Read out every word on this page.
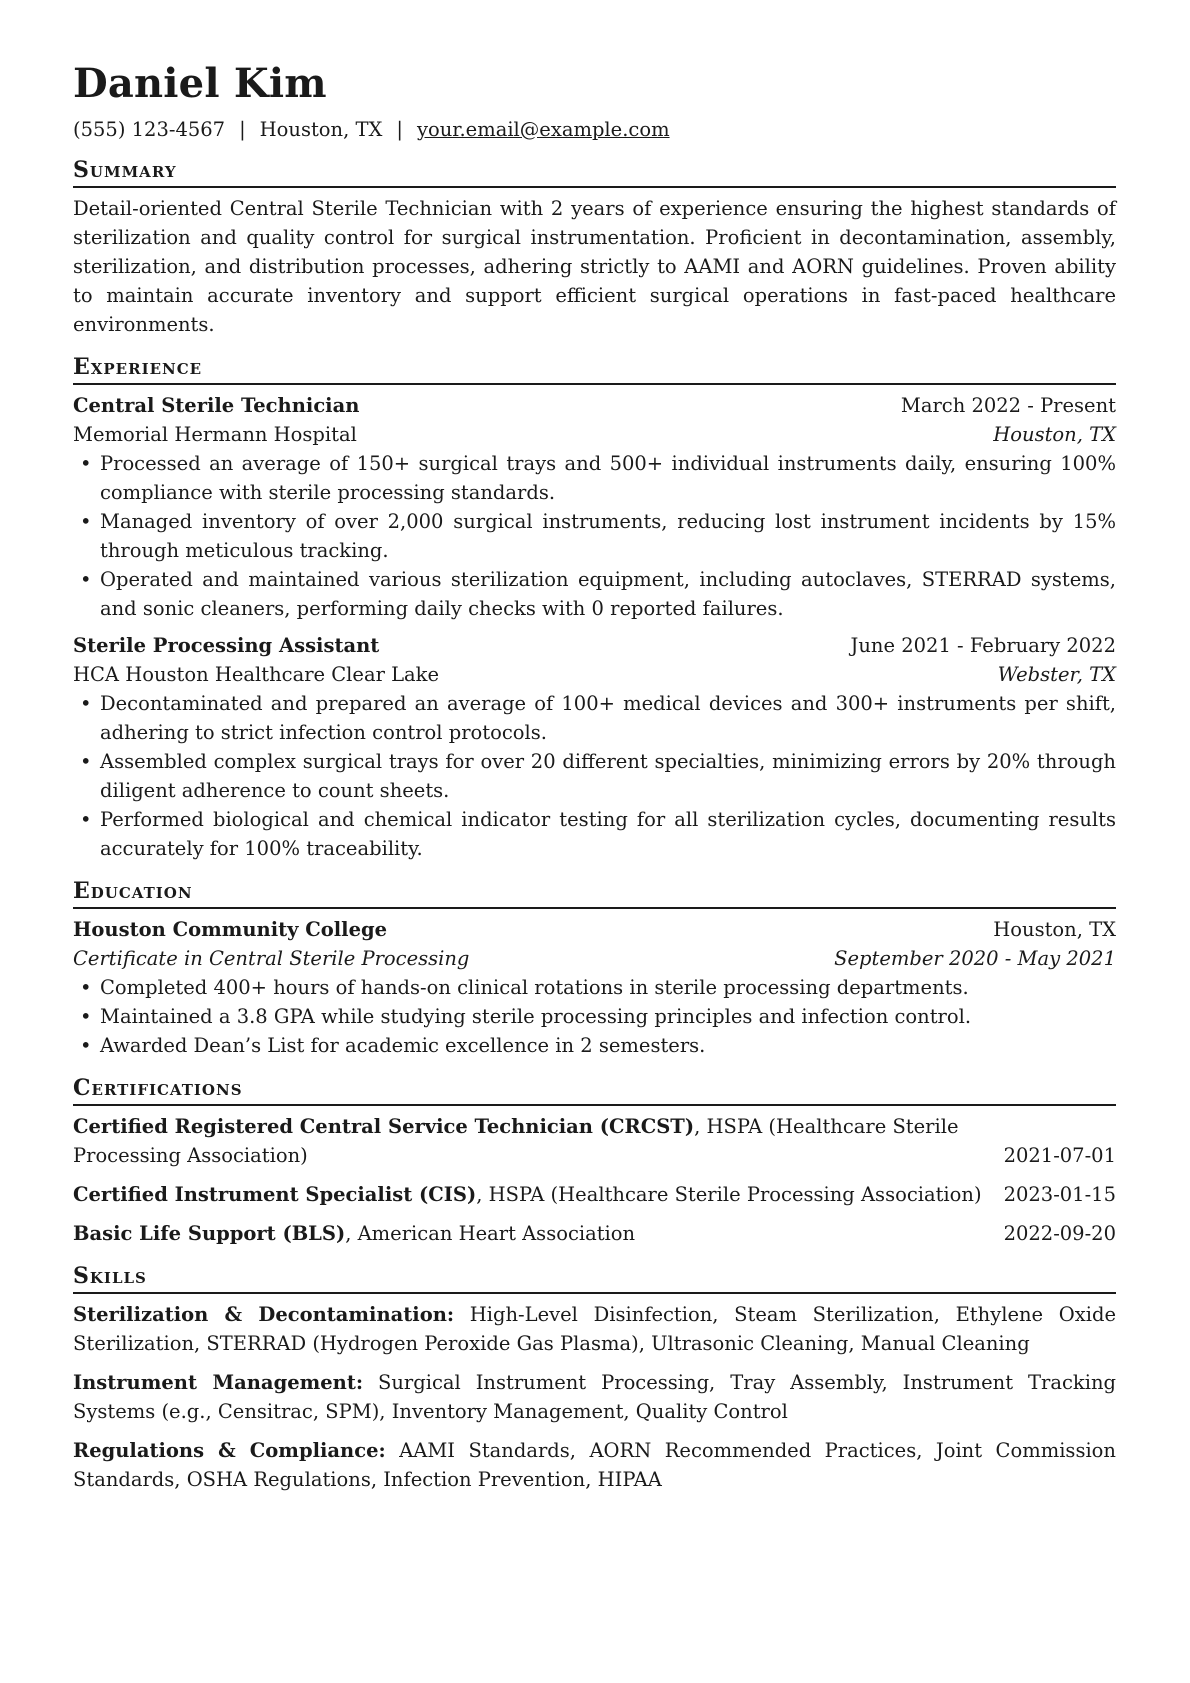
Daniel Kim
(555) 123-4567 | Houston, TX | your.email@example.com
Summary
Detail-oriented Central Sterile Technician with 2 years of experience ensuring the highest standards of sterilization and quality control for surgical instrumentation. Proficient in decontamination, assembly, sterilization, and distribution processes, adhering strictly to AAMI and AORN guidelines. Proven ability to maintain accurate inventory and support efficient surgical operations in fast-paced healthcare environments.
Experience
Central Sterile Technician	March 2022 - Present
Memorial Hermann Hospital	Houston, TX
• Processed an average of 150+ surgical trays and 500+ individual instruments daily, ensuring 100% compliance with sterile processing standards.
• Managed inventory of over 2,000 surgical instruments, reducing lost instrument incidents by 15% through meticulous tracking.
• Operated and maintained various sterilization equipment, including autoclaves, STERRAD systems, and sonic cleaners, performing daily checks with 0 reported failures.
Sterile Processing Assistant	June 2021 - February 2022
HCA Houston Healthcare Clear Lake	Webster, TX
• Decontaminated and prepared an average of 100+ medical devices and 300+ instruments per shift, adhering to strict infection control protocols.
• Assembled complex surgical trays for over 20 different specialties, minimizing errors by 20% through diligent adherence to count sheets.
• Performed biological and chemical indicator testing for all sterilization cycles, documenting results accurately for 100% traceability.
Education
Houston Community College	Houston, TX
Certificate in Central Sterile Processing	September 2020 - May 2021
• Completed 400+ hours of hands-on clinical rotations in sterile processing departments.
• Maintained a 3.8 GPA while studying sterile processing principles and infection control.
• Awarded Dean’s List for academic excellence in 2 semesters.
Certifications
Certified Registered Central Service Technician (CRCST), HSPA (Healthcare Sterile Processing Association)	2021-07-01
Certified Instrument Specialist (CIS), HSPA (Healthcare Sterile Processing Association) 2023-01-15
Basic Life Support (BLS), American Heart Association	2022-09-20
Skills
Sterilization & Decontamination: High-Level Disinfection, Steam Sterilization, Ethylene Oxide Sterilization, STERRAD (Hydrogen Peroxide Gas Plasma), Ultrasonic Cleaning, Manual Cleaning
Instrument Management: Surgical Instrument Processing, Tray Assembly, Instrument Tracking Systems (e.g., Censitrac, SPM), Inventory Management, Quality Control
Regulations & Compliance: AAMI Standards, AORN Recommended Practices, Joint Commission Standards, OSHA Regulations, Infection Prevention, HIPAA
